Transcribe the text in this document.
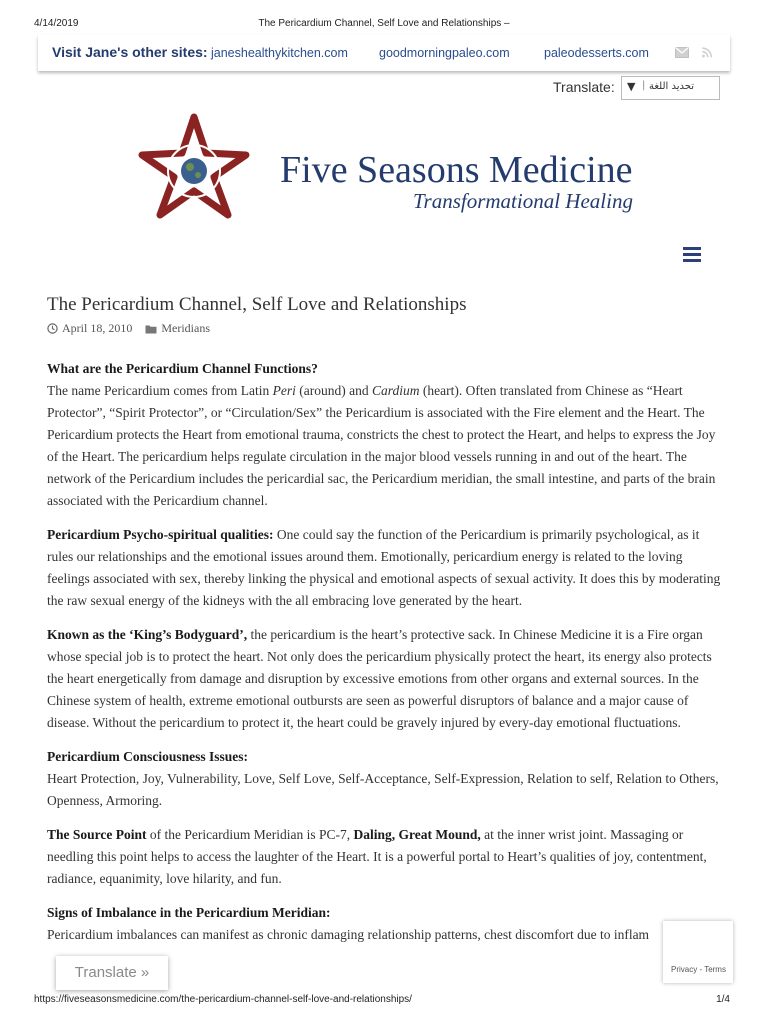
4/14/2019	The Pericardium Channel, Self Love and Relationships –
Visit Jane's other sites: janeshealthykitchen.com goodmorningpaleo.com	paleodesserts.com
Translate: ▼ | تحديد اللغة
Five Seasons Medicine
Transformational Healing
The Pericardium Channel, Self Love and Relationships
April 18, 2010 Meridians
What are the Pericardium Channel Functions?

The name Pericardium comes from Latin Peri (around) and Cardium (heart). Often translated from Chinese as “Heart Protector”, “Spirit Protector”, or “Circulation/Sex” the Pericardium is associated with the Fire element and the Heart. The Pericardium protects the Heart from emotional trauma, constricts the chest to protect the Heart, and helps to express the Joy of the Heart. The pericardium helps regulate circulation in the major blood vessels running in and out of the heart. The network of the Pericardium includes the pericardial sac, the Pericardium meridian, the small intestine, and parts of the brain associated with the Pericardium channel.

Pericardium Psycho-spiritual qualities: One could say the function of the Pericardium is primarily psychological, as it rules our relationships and the emotional issues around them. Emotionally, pericardium energy is related to the loving feelings associated with sex, thereby linking the physical and emotional aspects of sexual activity. It does this by moderating the raw sexual energy of the kidneys with the all embracing love generated by the heart.

Known as the ‘King’s Bodyguard’, the pericardium is the heart’s protective sack. In Chinese Medicine it is a Fire organ whose special job is to protect the heart. Not only does the pericardium physically protect the heart, its energy also protects the heart energetically from damage and disruption by excessive emotions from other organs and external sources. In the Chinese system of health, extreme emotional outbursts are seen as powerful disruptors of balance and a major cause of disease. Without the pericardium to protect it, the heart could be gravely injured by every-day emotional fluctuations.

Pericardium Consciousness Issues:

Heart Protection, Joy, Vulnerability, Love, Self Love, Self-Acceptance, Self-Expression, Relation to self, Relation to Others, Openness, Armoring.

The Source Point of the Pericardium Meridian is PC-7, Daling, Great Mound, at the inner wrist joint. Massaging or needling this point helps to access the laughter of the Heart. It is a powerful portal to Heart’s qualities of joy, contentment, radiance, equanimity, love hilarity, and fun.

Signs of Imbalance in the Pericardium Meridian:
Pericardium imbalances can manifest as chronic damaging relationship patterns, chest discomfort due to inflam
Translate »	Privacy - Terms
https://fiveseasonsmedicine.com/the-pericardium-channel-self-love-and-relationships/	1/4
